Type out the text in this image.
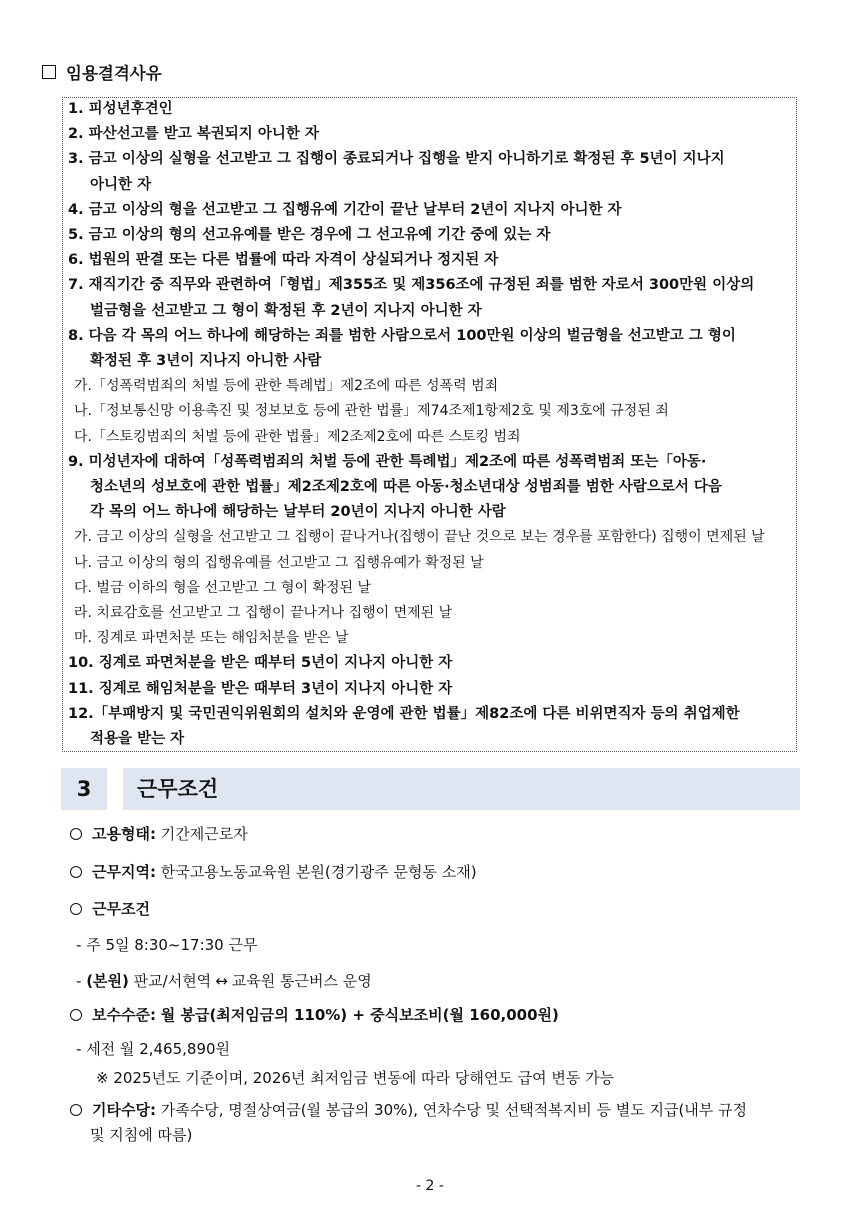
임용결격사유
1. 피성년후견인
2. 파산선고를 받고 복권되지 아니한 자
3. 금고 이상의 실형을 선고받고 그 집행이 종료되거나 집행을 받지 아니하기로 확정된 후 5년이 지나지
아니한 자
4. 금고 이상의 형을 선고받고 그 집행유예 기간이 끝난 날부터 2년이 지나지 아니한 자
5. 금고 이상의 형의 선고유예를 받은 경우에 그 선고유예 기간 중에 있는 자
6. 법원의 판결 또는 다른 법률에 따라 자격이 상실되거나 정지된 자
7. 재직기간 중 직무와 관련하여「형법」제355조 및 제356조에 규정된 죄를 범한 자로서 300만원 이상의
벌금형을 선고받고 그 형이 확정된 후 2년이 지나지 아니한 자
8. 다음 각 목의 어느 하나에 해당하는 죄를 범한 사람으로서 100만원 이상의 벌금형을 선고받고 그 형이
확정된 후 3년이 지나지 아니한 사람
가.「성폭력범죄의 처벌 등에 관한 특례법」제2조에 따른 성폭력 범죄
나.「정보통신망 이용촉진 및 정보보호 등에 관한 법률」제74조제1항제2호 및 제3호에 규정된 죄
다.「스토킹범죄의 처벌 등에 관한 법률」제2조제2호에 따른 스토킹 범죄
9. 미성년자에 대하여「성폭력범죄의 처벌 등에 관한 특례법」제2조에 따른 성폭력범죄 또는「아동·
청소년의 성보호에 관한 법률」제2조제2호에 따른 아동·청소년대상 성범죄를 범한 사람으로서 다음
각 목의 어느 하나에 해당하는 날부터 20년이 지나지 아니한 사람
가. 금고 이상의 실형을 선고받고 그 집행이 끝나거나(집행이 끝난 것으로 보는 경우를 포함한다) 집행이 면제된 날
나. 금고 이상의 형의 집행유예를 선고받고 그 집행유예가 확정된 날
다. 벌금 이하의 형을 선고받고 그 형이 확정된 날
라. 치료감호를 선고받고 그 집행이 끝나거나 집행이 면제된 날
마. 징계로 파면처분 또는 해임처분을 받은 날
10. 징계로 파면처분을 받은 때부터 5년이 지나지 아니한 자
11. 징계로 해임처분을 받은 때부터 3년이 지나지 아니한 자
12.「부패방지 및 국민권익위원회의 설치와 운영에 관한 법률」제82조에 다른 비위면직자 등의 취업제한
적용을 받는 자
3	근무조건
고용형태: 기간제근로자
근무지역: 한국고용노동교육원 본원(경기광주 문형동 소재)
근무조건
- 주 5일 8:30~17:30 근무
- (본원) 판교/서현역 ↔ 교육원 통근버스 운영
보수수준: 월 봉급(최저임금의 110%) + 중식보조비(월 160,000원)
- 세전 월 2,465,890원
※ 2025년도 기준이며, 2026년 최저임금 변동에 따라 당해연도 급여 변동 가능
기타수당: 가족수당, 명절상여금(월 봉급의 30%), 연차수당 및 선택적복지비 등 별도 지급(내부 규정
및 지침에 따름)
- 2 -
